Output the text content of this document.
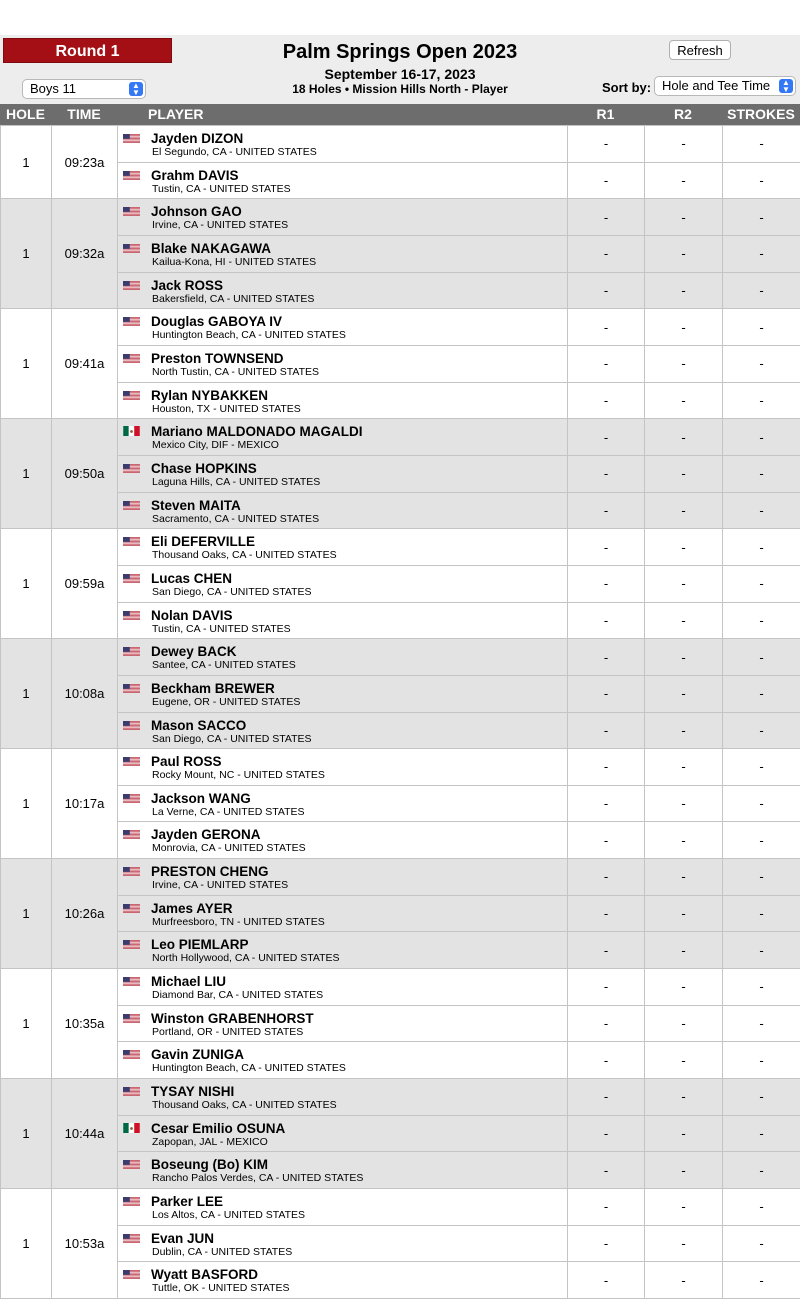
Round 1	Palm Springs Open 2023
September 16-17, 2023
18 Holes • Mission Hills North - Player
Refresh
Boys 11	▲
▼	Sort by: Hole and Tee Time	▲
▼
HOLE	TIME	PLAYER	R1	R2	STROKES
1	09:23a	Jayden DIZON
El Segundo, CA - UNITED STATES	-	-	-

		Grahm DAVIS
Tustin, CA - UNITED STATES	-	-	-
1	09:32a	Johnson GAO
Irvine, CA - UNITED STATES	-	-	-

		Blake NAKAGAWA
Kailua-Kona, HI - UNITED STATES	-	-	-

		Jack ROSS
Bakersfield, CA - UNITED STATES	-	-	-
1	09:41a	Douglas GABOYA IV
Huntington Beach, CA - UNITED STATES	-	-	-

		Preston TOWNSEND
North Tustin, CA - UNITED STATES	-	-	-

		Rylan NYBAKKEN
Houston, TX - UNITED STATES	-	-	-
1	09:50a	Mariano MALDONADO MAGALDI
Mexico City, DIF - MEXICO	-	-	-

		Chase HOPKINS
Laguna Hills, CA - UNITED STATES	-	-	-

		Steven MAITA
Sacramento, CA - UNITED STATES	-	-	-
1	09:59a	Eli DEFERVILLE
Thousand Oaks, CA - UNITED STATES	-	-	-

		Lucas CHEN
San Diego, CA - UNITED STATES	-	-	-

		Nolan DAVIS
Tustin, CA - UNITED STATES	-	-	-
1	10:08a	Dewey BACK
Santee, CA - UNITED STATES	-	-	-

		Beckham BREWER
Eugene, OR - UNITED STATES	-	-	-

		Mason SACCO
San Diego, CA - UNITED STATES	-	-	-
1	10:17a	Paul ROSS
Rocky Mount, NC - UNITED STATES	-	-	-

		Jackson WANG
La Verne, CA - UNITED STATES	-	-	-

		Jayden GERONA
Monrovia, CA - UNITED STATES	-	-	-
1	10:26a	PRESTON CHENG
Irvine, CA - UNITED STATES	-	-	-

		James AYER
Murfreesboro, TN - UNITED STATES	-	-	-

		Leo PIEMLARP
North Hollywood, CA - UNITED STATES	-	-	-
1	10:35a	Michael LIU
Diamond Bar, CA - UNITED STATES	-	-	-

		Winston GRABENHORST
Portland, OR - UNITED STATES	-	-	-

		Gavin ZUNIGA
Huntington Beach, CA - UNITED STATES	-	-	-
1	10:44a	TYSAY NISHI
Thousand Oaks, CA - UNITED STATES	-	-	-

		Cesar Emilio OSUNA
Zapopan, JAL - MEXICO	-	-	-

		Boseung (Bo) KIM
Rancho Palos Verdes, CA - UNITED STATES	-	-	-
1	10:53a	Parker LEE
Los Altos, CA - UNITED STATES	-	-	-

		Evan JUN
Dublin, CA - UNITED STATES	-	-	-

		Wyatt BASFORD
Tuttle, OK - UNITED STATES	-	-	-
